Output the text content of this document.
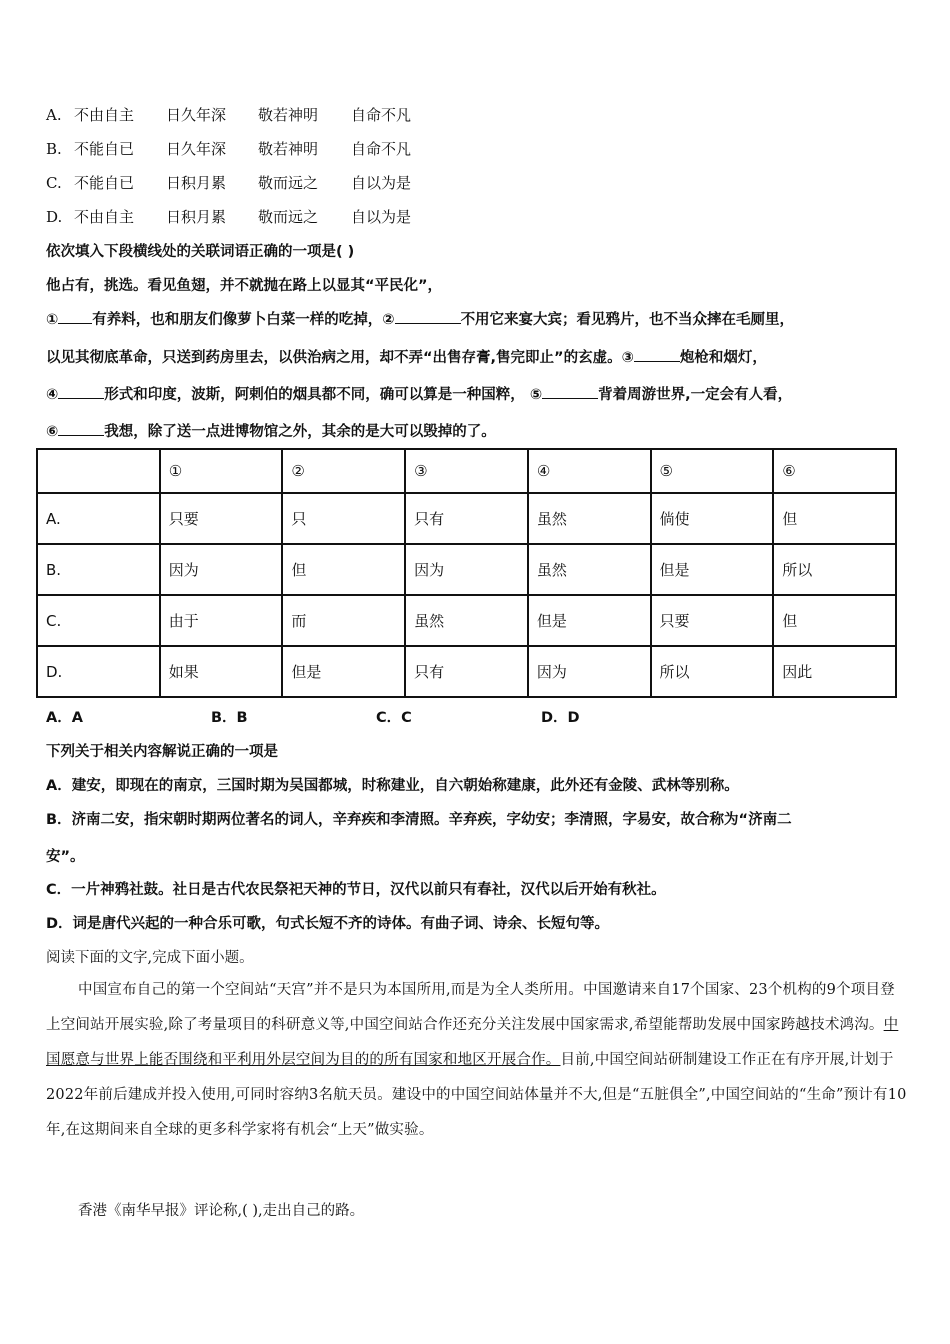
A. 不由自主 日久年深 敬若神明 自命不凡
B. 不能自已 日久年深 敬若神明 自命不凡
C. 不能自已 日积月累 敬而远之 自以为是
D. 不由自主 日积月累 敬而远之 自以为是
依次填入下段横线处的关联词语正确的一项是( )
他占有，挑选。看见鱼翅，并不就抛在路上以显其“平民化”，
① 有养料，也和朋友们像萝卜白菜一样的吃掉，②	不用它来宴大宾；看见鸦片，也不当众摔在毛厕里，
以见其彻底革命，只送到药房里去，以供治病之用，却不弄“出售存膏,售完即止”的玄虚。③	炮枪和烟灯，
④	形式和印度，波斯，阿剌伯的烟具都不同，确可以算是一种国粹， ⑤	背着周游世界,一定会有人看，
⑥	我想，除了送一点进博物馆之外，其余的是大可以毁掉的了。
	①	②	③	④	⑤	⑥
A.	只要	只	只有	虽然	倘使	但
B.	因为	但	因为	虽然	但是	所以
C.	由于	而	虽然	但是	只要	但
D.	如果	但是	只有	因为	所以	因此
A．A	B．B	C．C	D．D
下列关于相关内容解说正确的一项是
A．建安，即现在的南京，三国时期为吴国都城，时称建业，自六朝始称建康，此外还有金陵、武林等别称。
B．济南二安，指宋朝时期两位著名的词人，辛弃疾和李清照。辛弃疾，字幼安；李清照，字易安，故合称为“济南二
安”。
C．一片神鸦社鼓。社日是古代农民祭祀天神的节日，汉代以前只有春社，汉代以后开始有秋社。
D．词是唐代兴起的一种合乐可歌，句式长短不齐的诗体。有曲子词、诗余、长短句等。
阅读下面的文字,完成下面小题。
中国宣布自己的第一个空间站“天宫”并不是只为本国所用,而是为全人类所用。中国邀请来自17个国家、23个机构的9个项目登上空间站开展实验,除了考量项目的科研意义等,中国空间站合作还充分关注发展中国家需求,希望能帮助发展中国家跨越技术鸿沟。中国愿意与世界上能否围绕和平利用外层空间为目的的所有国家和地区开展合作。目前,中国空间站研制建设工作正在有序开展,计划于2022年前后建成并投入使用,可同时容纳3名航天员。建设中的中国空间站体量并不大,但是“五脏俱全”,中国空间站的“生命”预计有10年,在这期间来自全球的更多科学家将有机会“上天”做实验。
香港《南华早报》评论称,( ),走出自己的路。
